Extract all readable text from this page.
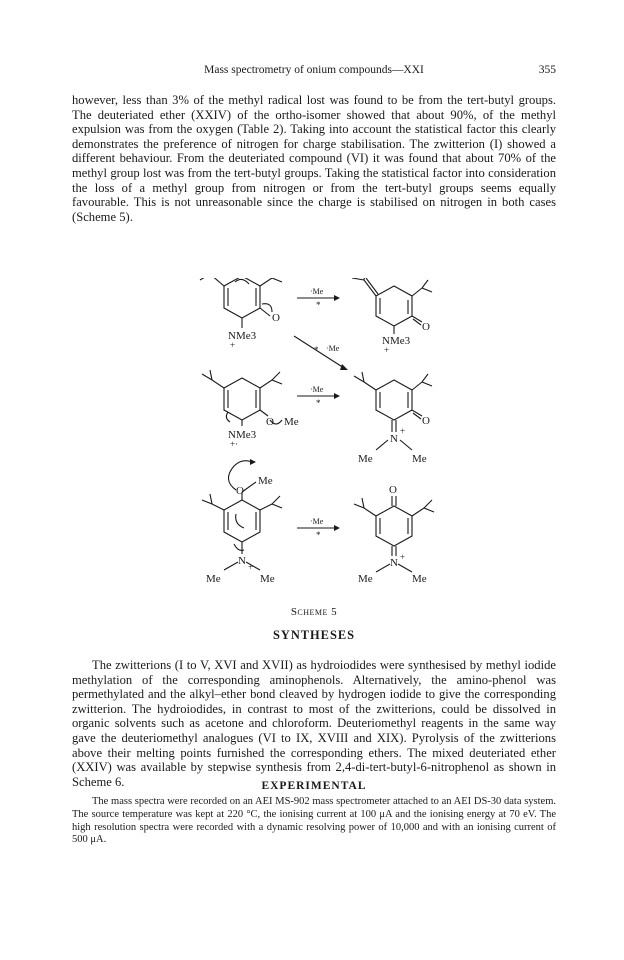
Mass spectrometry of onium compounds—XXI	355

however, less than 3% of the methyl radical lost was found to be from the tert-butyl groups. The deuteriated ether (XXIV) of the ortho-isomer showed that about 90%, of the methyl expulsion was from the oxygen (Table 2). Taking into account the statistical factor this clearly demonstrates the preference of nitrogen for charge stabilisation. The zwitterion (I) showed a different behaviour. From the deuteriated compound (VI) it was found that about 70% of the methyl group lost was from the tert-butyl groups. Taking the statistical factor into consideration the loss of a methyl group from nitrogen or from the tert-butyl groups seems equally favourable. This is not unreasonable since the charge is stabilised on nitrogen in both cases (Scheme 5).

O
NMe3
+
·Me
*
O
NMe3
+
·Me
*
O Me
NMe3
+·
·Me
*
O
N
+
Me	Me
Me
O
N +·
Me	Me
·Me
*
O
N +
Me	Me
Scheme 5
SYNTHESES

The zwitterions (I to V, XVI and XVII) as hydroiodides were synthesised by methyl iodide methylation of the corresponding aminophenols. Alternatively, the amino-phenol was permethylated and the alkyl–ether bond cleaved by hydrogen iodide to give the corresponding zwitterion. The hydroiodides, in contrast to most of the zwitterions, could be dissolved in organic solvents such as acetone and chloroform. Deuteriomethyl reagents in the same way gave the deuteriomethyl analogues (VI to IX, XVIII and XIX). Pyrolysis of the zwitterions above their melting points furnished the corresponding ethers. The mixed deuteriated ether (XXIV) was available by stepwise synthesis from 2,4-di-tert-butyl-6-nitrophenol as shown in Scheme 6.	EXPERIMENTAL

The mass spectra were recorded on an AEI MS-902 mass spectrometer attached to an AEI DS-30 data system. The source temperature was kept at 220 °C, the ionising current at 100 μA and the ionising energy at 70 eV. The high resolution spectra were recorded with a dynamic resolving power of 10,000 and with an ionising current of 500 μA.
